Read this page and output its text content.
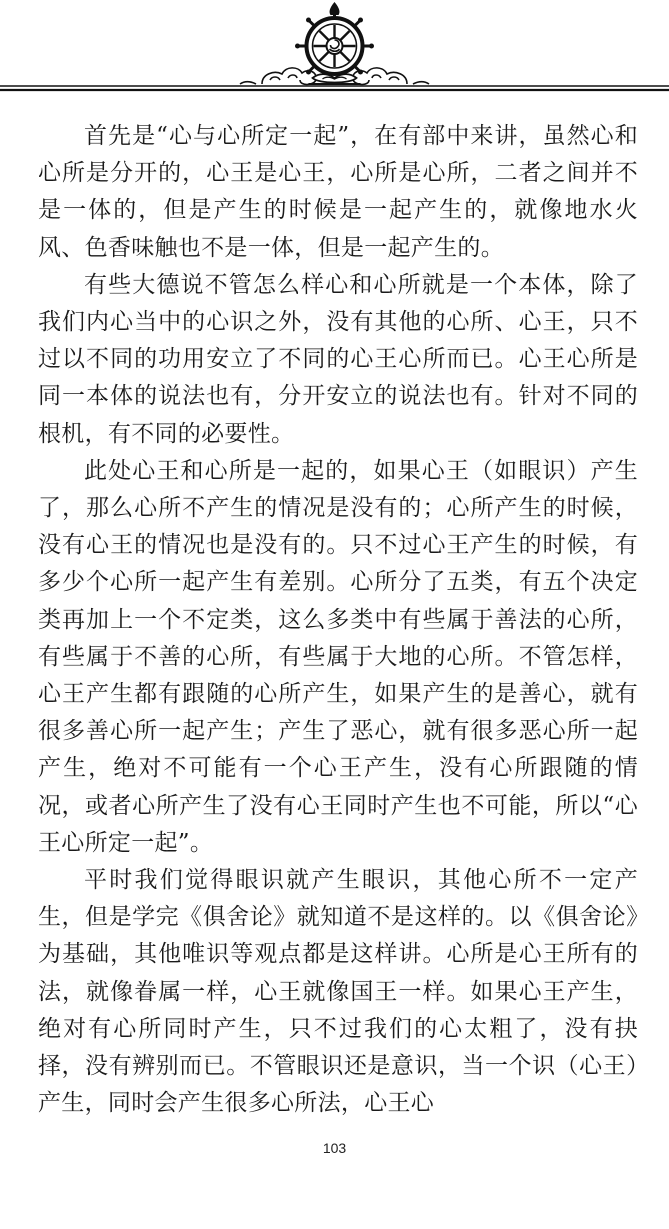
首先是“心与心所定一起”，在有部中来讲，虽然心和心所是分开的，心王是心王，心所是心所，二者之间并不是一体的，但是产生的时候是一起产生的，就像地水火风、色香味触也不是一体，但是一起产生的。

有些大德说不管怎么样心和心所就是一个本体，除了我们内心当中的心识之外，没有其他的心所、心王，只不过以不同的功用安立了不同的心王心所而已。心王心所是同一本体的说法也有，分开安立的说法也有。针对不同的根机，有不同的必要性。

此处心王和心所是一起的，如果心王（如眼识）产生了，那么心所不产生的情况是没有的；心所产生的时候，没有心王的情况也是没有的。只不过心王产生的时候，有多少个心所一起产生有差别。心所分了五类，有五个决定类再加上一个不定类，这么多类中有些属于善法的心所，有些属于不善的心所，有些属于大地的心所。不管怎样，心王产生都有跟随的心所产生，如果产生的是善心，就有很多善心所一起产生；产生了恶心，就有很多恶心所一起产生，绝对不可能有一个心王产生，没有心所跟随的情况，或者心所产生了没有心王同时产生也不可能，所以“心王心所定一起”。

平时我们觉得眼识就产生眼识，其他心所不一定产生，但是学完《俱舍论》就知道不是这样的。以《俱舍论》为基础，其他唯识等观点都是这样讲。心所是心王所有的法，就像眷属一样，心王就像国王一样。如果心王产生，绝对有心所同时产生，只不过我们的心太粗了，没有抉择，没有辨别而已。不管眼识还是意识，当一个识（心王）产生，同时会产生很多心所法，心王心

103
